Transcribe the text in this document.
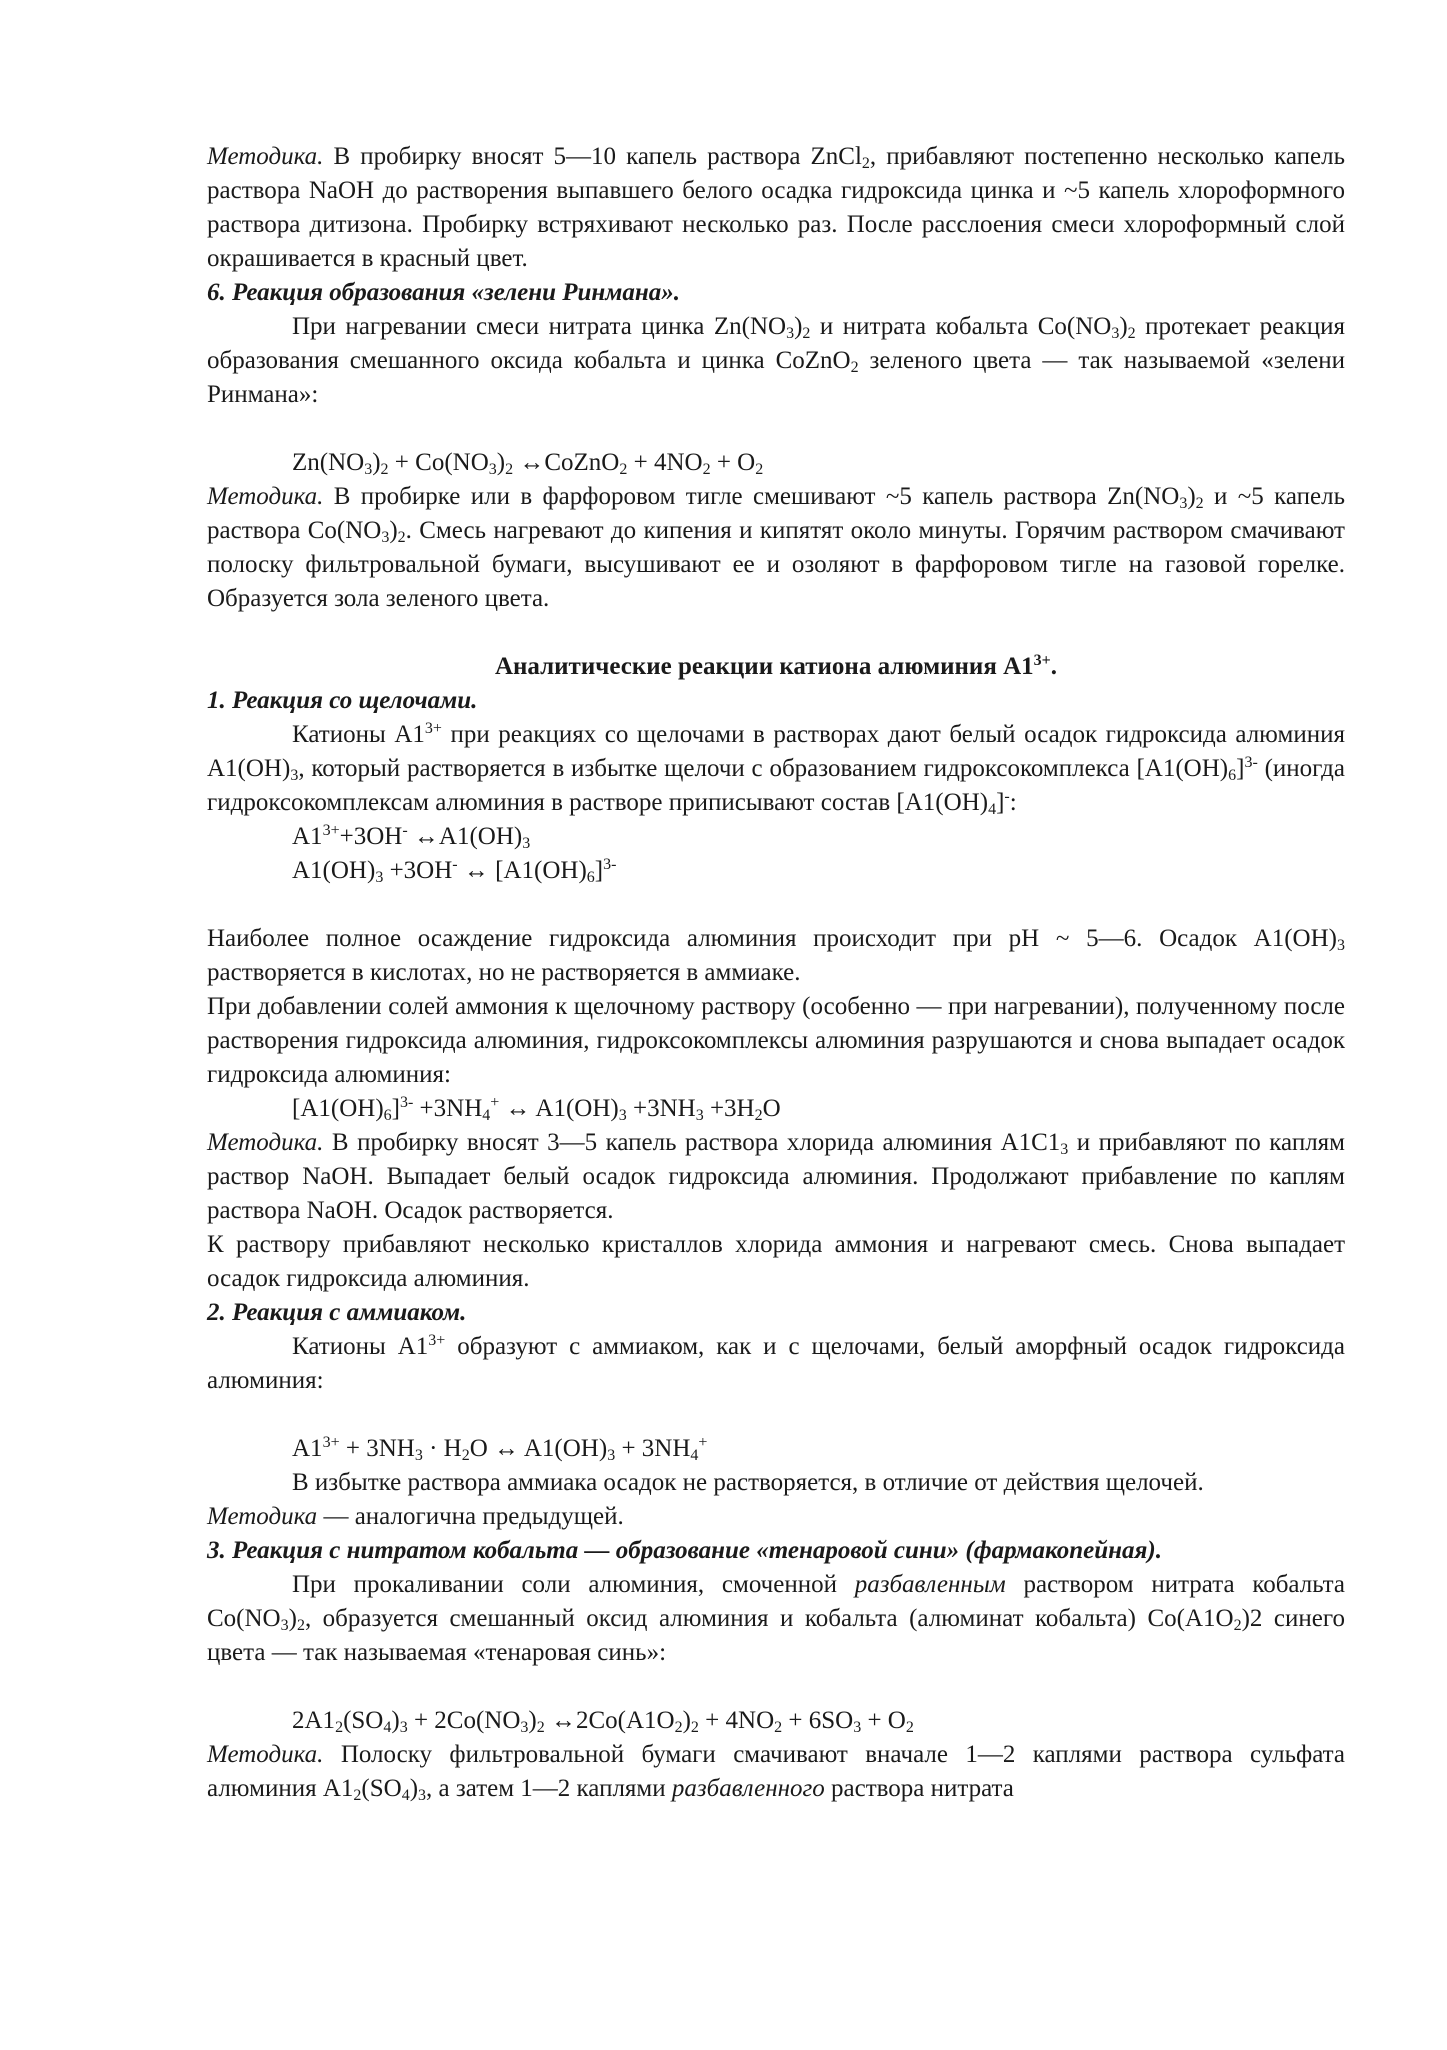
Методика. В пробирку вносят 5—10 капель раствора ZnCl$_2$, прибавляют постепенно несколько капель раствора NaOH до растворения выпавшего белого осадка гидроксида цинка и ~5 капель хлороформного раствора дитизона. Пробирку встряхивают несколько раз. После расслоения смеси хлороформный слой окрашивается в красный цвет.

6. Реакция образования «зелени Ринмана».

При нагревании смеси нитрата цинка $Zn(NO_3)_2$ и нитрата кобальта $Co(NO_3)_2$ протекает реакция образования смешанного оксида кобальта и цинка CoZnO$_2$ зеленого цвета — так называемой «зелени Ринмана»:

$Zn(NO_3)_2 + Co(NO_3)_2$ ↔CoZnO$_2$ + $4NO_2 + O_2$

Методика. В пробирке или в фарфоровом тигле смешивают ~5 капель раствора $Zn(NO_3)_2$ и ~5 капель раствора $Co(NO_3)_2$. Смесь нагревают до кипения и кипятят около минуты. Горячим раствором смачивают полоску фильтровальной бумаги, высушивают ее и озоляют в фарфоровом тигле на газовой горелке. Образуется зола зеленого цвета.

Аналитические реакции катиона алюминия $A1^{3+}$.

1. Реакция со щелочами.

Катионы $A1^{3+}$ при реакциях со щелочами в растворах дают белый осадок гидроксида алюминия $A1(OH)_3$, который растворяется в избытке щелочи с образованием гидроксокомплекса $[A1(OH)_6]^{3-}$ (иногда гидроксокомплексам алюминия в растворе приписывают состав $[A1(OH)_4]^-$:

$A1^{3+}+3OH^-$ $\leftrightarrow A1(OH)_3$

$A1(OH)_3 +3OH^-$ ↔ $[A1(OH)_6]^{3-}$

Наиболее полное осаждение гидроксида алюминия происходит при pH ~ 5—6. Осадок $A1(OH)_3$ растворяется в кислотах, но не растворяется в аммиаке.

При добавлении солей аммония к щелочному раствору (особенно — при нагревании), полученному после растворения гидроксида алюминия, гидроксокомплексы алюминия разрушаются и снова выпадает осадок гидроксида алюминия:

$[A1(OH)_6]^{3-} +3NH_4^+$ ↔ $A1(OH)_3 +3NH_3 +3H_2O$

Методика. В пробирку вносят 3—5 капель раствора хлорида алюминия $A1C1_3$ и прибавляют по каплям раствор NaOH. Выпадает белый осадок гидроксида алюминия. Продолжают прибавление по каплям раствора NaOH. Осадок растворяется.

К раствору прибавляют несколько кристаллов хлорида аммония и нагревают смесь. Снова выпадает осадок гидроксида алюминия.

2. Реакция с аммиаком.

Катионы $A1^{3+}$ образуют с аммиаком, как и с щелочами, белый аморфный осадок гидроксида алюминия:

$A1^{3+} + 3NH_3 \cdot H_2O$ ↔ $A1(OH)_3 + 3NH_4^+$

В избытке раствора аммиака осадок не растворяется, в отличие от действия щелочей.

Методика — аналогична предыдущей.

3. Реакция с нитратом кобальта — образование «тенаровой сини» (фармакопейная).

При прокаливании соли алюминия, смоченной разбавленным раствором нитрата кобальта $Co(NO_3)_2$, образуется смешанный оксид алюминия и кобальта (алюминат кобальта) $Co(A1O_2)2$ синего цвета — так называемая «тенаровая синь»:

$2A1_2(SO_4)_3 + 2Co(NO_3)_2$ $\leftrightarrow 2Co(A1O_2)_2 + 4NO_2 + 6SO_3 + O_2$

Методика. Полоску фильтровальной бумаги смачивают вначале 1—2 каплями раствора сульфата алюминия $A1_2(SO_4)_3$, а затем 1—2 каплями разбавленного раствора нитрата
